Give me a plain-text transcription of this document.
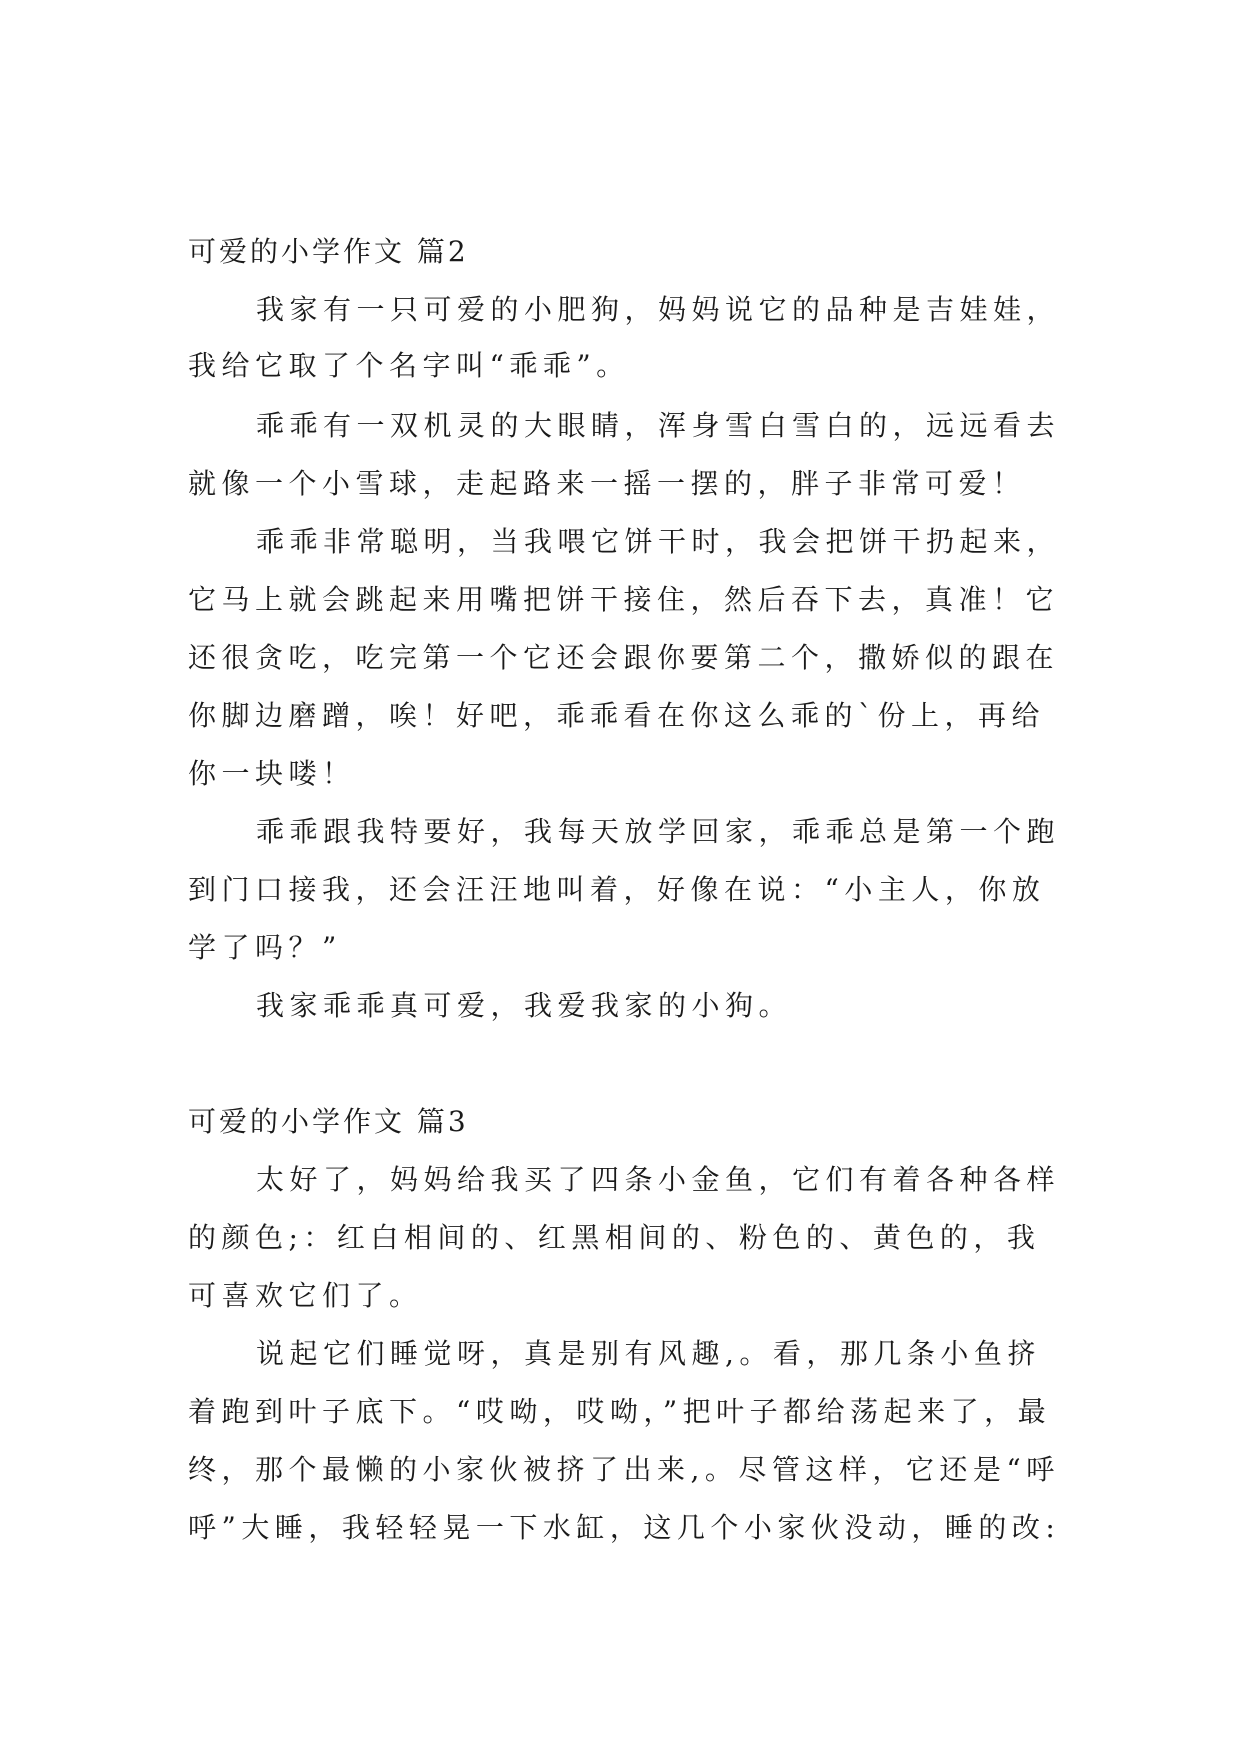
可爱的小学作文 篇2
我家有一只可爱的小肥狗，妈妈说它的品种是吉娃娃，
我给它取了个名字叫“乖乖”。
乖乖有一双机灵的大眼睛，浑身雪白雪白的，远远看去
就像一个小雪球，走起路来一摇一摆的，胖子非常可爱！
乖乖非常聪明，当我喂它饼干时，我会把饼干扔起来，
它马上就会跳起来用嘴把饼干接住，然后吞下去，真准！它
还很贪吃，吃完第一个它还会跟你要第二个，撒娇似的跟在
你脚边磨蹭，唉！好吧，乖乖看在你这么乖的`份上，再给
你一块喽！
乖乖跟我特要好，我每天放学回家，乖乖总是第一个跑
到门口接我，还会汪汪地叫着，好像在说：“小主人，你放
学了吗？”
我家乖乖真可爱，我爱我家的小狗。
可爱的小学作文 篇3
太好了，妈妈给我买了四条小金鱼，它们有着各种各样
的颜色;：红白相间的、红黑相间的、粉色的、黄色的，我
可喜欢它们了。
说起它们睡觉呀，真是别有风趣,。看，那几条小鱼挤
着跑到叶子底下。“哎呦，哎呦，”把叶子都给荡起来了，最
终，那个最懒的小家伙被挤了出来,。尽管这样，它还是“呼
呼”大睡，我轻轻晃一下水缸，这几个小家伙没动，睡的改:
